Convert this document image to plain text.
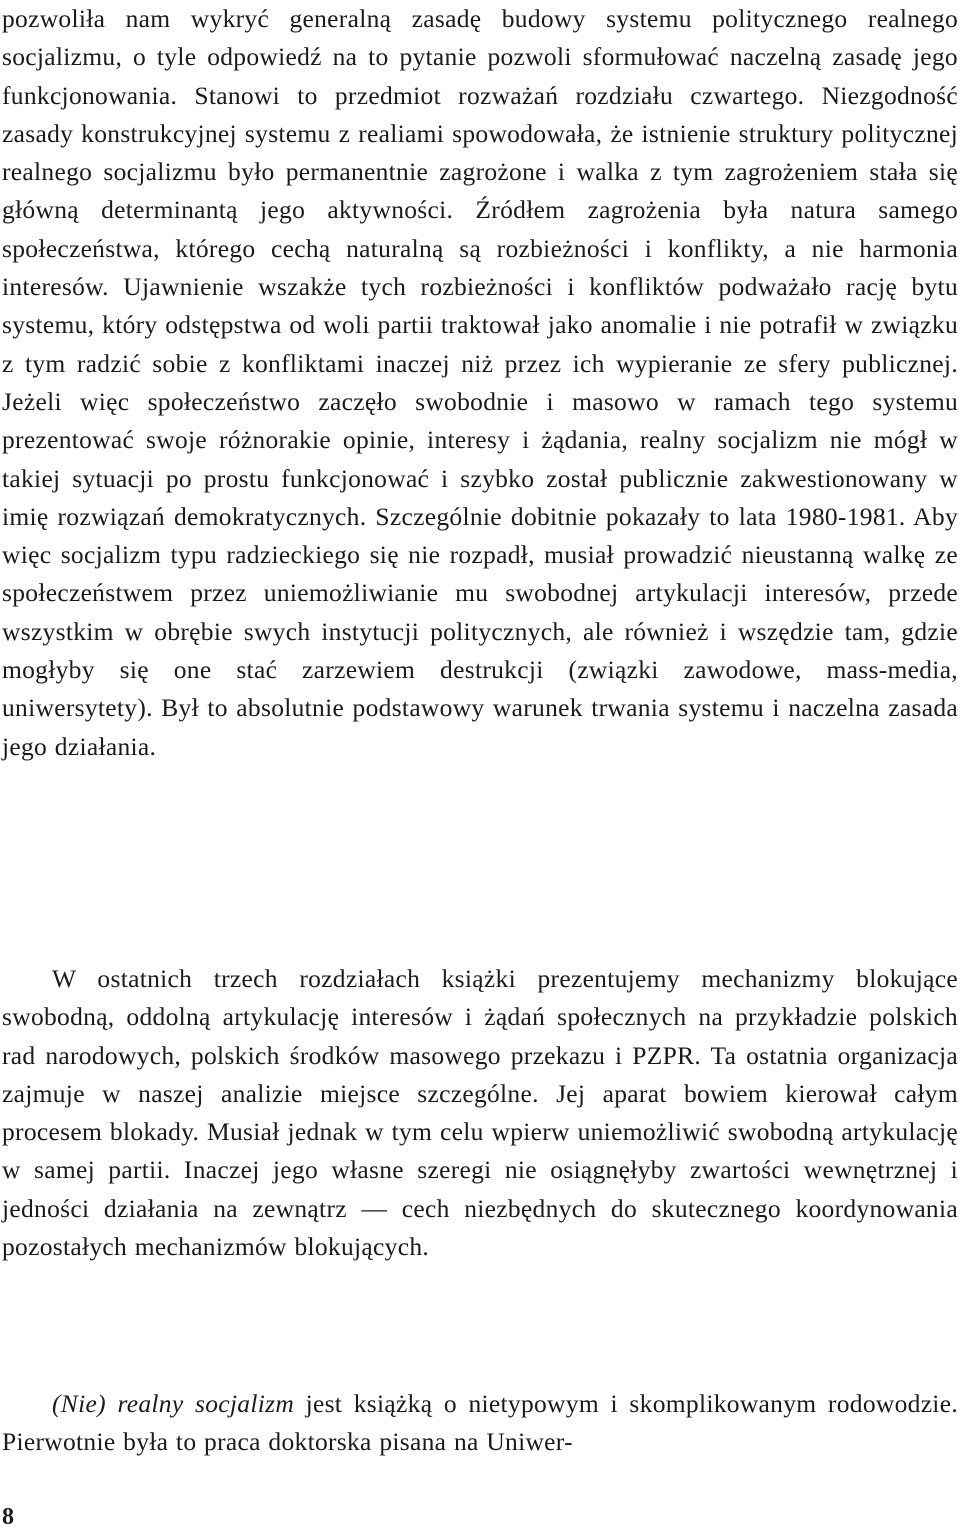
pozwoliła nam wykryć generalną zasadę budowy systemu politycznego realnego socjalizmu, o tyle odpowiedź na to pytanie pozwoli sformułować naczelną zasadę jego funkcjonowania. Stanowi to przedmiot rozważań rozdziału czwartego. Niezgodność zasady konstrukcyjnej systemu z realiami spowodowała, że istnienie struktury politycznej realnego socjalizmu było permanentnie zagrożone i walka z tym zagrożeniem stała się główną determinantą jego aktywności. Źródłem zagrożenia była natura samego społeczeństwa, którego cechą naturalną są rozbieżności i konflikty, a nie harmonia interesów. Ujawnienie wszakże tych rozbieżności i konfliktów podważało rację bytu systemu, który odstępstwa od woli partii traktował jako anomalie i nie potrafił w związku z tym radzić sobie z konfliktami inaczej niż przez ich wypieranie ze sfery publicznej. Jeżeli więc społeczeństwo zaczęło swobodnie i masowo w ramach tego systemu prezentować swoje różnorakie opinie, interesy i żądania, realny socjalizm nie mógł w takiej sytuacji po prostu funkcjonować i szybko został publicznie zakwestionowany w imię rozwiązań demokratycznych. Szczególnie dobitnie pokazały to lata 1980-1981. Aby więc socjalizm typu radzieckiego się nie rozpadł, musiał prowadzić nieustanną walkę ze społeczeństwem przez uniemożliwianie mu swobodnej artykulacji interesów, przede wszystkim w obrębie swych instytucji politycznych, ale również i wszędzie tam, gdzie mogłyby się one stać zarzewiem destrukcji (związki zawodowe, mass-media, uniwersytety). Był to absolutnie podstawowy warunek trwania systemu i naczelna zasada jego działania.

W ostatnich trzech rozdziałach książki prezentujemy mechanizmy blokujące swobodną, oddolną artykulację interesów i żądań społecznych na przykładzie polskich rad narodowych, polskich środków masowego przekazu i PZPR. Ta ostatnia organizacja zajmuje w naszej analizie miejsce szczególne. Jej aparat bowiem kierował całym procesem blokady. Musiał jednak w tym celu wpierw uniemożliwić swobodną artykulację w samej partii. Inaczej jego własne szeregi nie osiągnęłyby zwartości wewnętrznej i jedności działania na zewnątrz — cech niezbędnych do skutecznego koordynowania pozostałych mechanizmów blokujących.

(Nie) realny socjalizm jest książką o nietypowym i skomplikowanym rodowodzie. Pierwotnie była to praca doktorska pisana na Uniwer-

8
